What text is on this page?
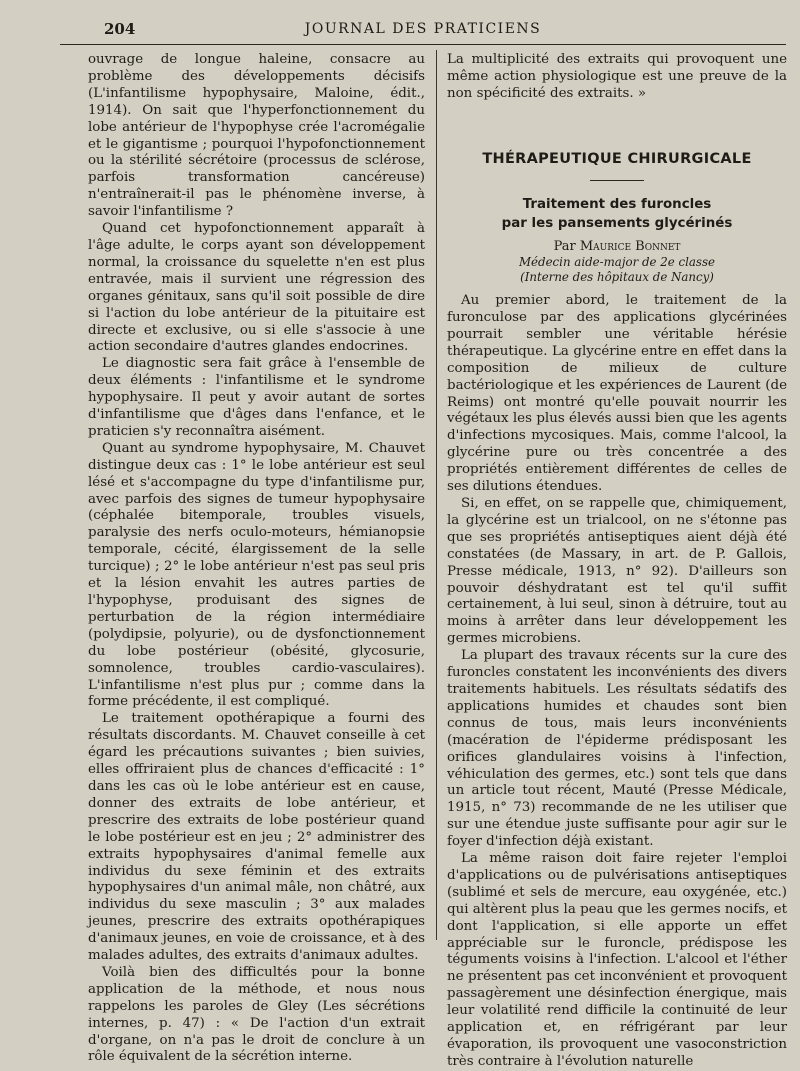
204	JOURNAL DES PRATICIENS

ouvrage de longue haleine, consacre au problème des développements décisifs (L'infantilisme hypophysaire, Maloine, édit., 1914). On sait que l'hyperfonctionnement du lobe antérieur de l'hypophyse crée l'acromégalie et le gigantisme ; pourquoi l'hypofonctionnement ou la stérilité sécrétoire (processus de sclérose, parfois transformation cancéreuse) n'entraînerait-il pas le phénomène inverse, à savoir l'infantilisme ?

Quand cet hypofonctionnement apparaît à l'âge adulte, le corps ayant son développement normal, la croissance du squelette n'en est plus entravée, mais il survient une régression des organes génitaux, sans qu'il soit possible de dire si l'action du lobe antérieur de la pituitaire est directe et exclusive, ou si elle s'associe à une action secondaire d'autres glandes endocrines.

Le diagnostic sera fait grâce à l'ensemble de deux éléments : l'infantilisme et le syndrome hypophysaire. Il peut y avoir autant de sortes d'infantilisme que d'âges dans l'enfance, et le praticien s'y reconnaîtra aisément.

Quant au syndrome hypophysaire, M. Chauvet distingue deux cas : 1° le lobe antérieur est seul lésé et s'accompagne du type d'infantilisme pur, avec parfois des signes de tumeur hypophysaire (céphalée bitemporale, troubles visuels, paralysie des nerfs oculo-moteurs, hémianopsie temporale, cécité, élargissement de la selle turcique) ; 2° le lobe antérieur n'est pas seul pris et la lésion envahit les autres parties de l'hypophyse, produisant des signes de perturbation de la région intermédiaire (polydipsie, polyurie), ou de dysfonctionnement du lobe postérieur (obésité, glycosurie, somnolence, troubles cardio-vasculaires). L'infantilisme n'est plus pur ; comme dans la forme précédente, il est compliqué.

Le traitement opothérapique a fourni des résultats discordants. M. Chauvet conseille à cet égard les précautions suivantes ; bien suivies, elles offriraient plus de chances d'efficacité : 1° dans les cas où le lobe antérieur est en cause, donner des extraits de lobe antérieur, et prescrire des extraits de lobe postérieur quand le lobe postérieur est en jeu ; 2° administrer des extraits hypophysaires d'animal femelle aux individus du sexe féminin et des extraits hypophysaires d'un animal mâle, non châtré, aux individus du sexe masculin ; 3° aux malades jeunes, prescrire des extraits opothérapiques d'animaux jeunes, en voie de croissance, et à des malades adultes, des extraits d'animaux adultes.

Voilà bien des difficultés pour la bonne application de la méthode, et nous nous rappelons les paroles de Gley (Les sécrétions internes, p. 47) : « De l'action d'un extrait d'organe, on n'a pas le droit de conclure à un rôle équivalent de la sécrétion interne.

La multiplicité des extraits qui provoquent une même action physiologique est une preuve de la non spécificité des extraits. »

THÉRAPEUTIQUE CHIRURGICALE
Traitement des furoncles
par les pansements glycérinés
Par Maurice Bonnet
Médecin aide-major de 2e classe
(Interne des hôpitaux de Nancy)

Au premier abord, le traitement de la furonculose par des applications glycérinées pourrait sembler une véritable hérésie thérapeutique. La glycérine entre en effet dans la composition de milieux de culture bactériologique et les expériences de Laurent (de Reims) ont montré qu'elle pouvait nourrir les végétaux les plus élevés aussi bien que les agents d'infections mycosiques. Mais, comme l'alcool, la glycérine pure ou très concentrée a des propriétés entièrement différentes de celles de ses dilutions étendues.

Si, en effet, on se rappelle que, chimiquement, la glycérine est un trialcool, on ne s'étonne pas que ses propriétés antiseptiques aient déjà été constatées (de Massary, in art. de P. Gallois, Presse médicale, 1913, n° 92). D'ailleurs son pouvoir déshydratant est tel qu'il suffit certainement, à lui seul, sinon à détruire, tout au moins à arrêter dans leur développement les germes microbiens.

La plupart des travaux récents sur la cure des furoncles constatent les inconvénients des divers traitements habituels. Les résultats sédatifs des applications humides et chaudes sont bien connus de tous, mais leurs inconvénients (macération de l'épiderme prédisposant les orifices glandulaires voisins à l'infection, véhiculation des germes, etc.) sont tels que dans un article tout récent, Mauté (Presse Médicale, 1915, n° 73) recommande de ne les utiliser que sur une étendue juste suffisante pour agir sur le foyer d'infection déjà existant.

La même raison doit faire rejeter l'emploi d'applications ou de pulvérisations antiseptiques (sublimé et sels de mercure, eau oxygénée, etc.) qui altèrent plus la peau que les germes nocifs, et dont l'application, si elle apporte un effet appréciable sur le furoncle, prédispose les téguments voisins à l'infection. L'alcool et l'éther ne présentent pas cet inconvénient et provoquent passagèrement une désinfection énergique, mais leur volatilité rend difficile la continuité de leur application et, en réfrigérant par leur évaporation, ils provoquent une vasoconstriction très contraire à l'évolution naturelle
